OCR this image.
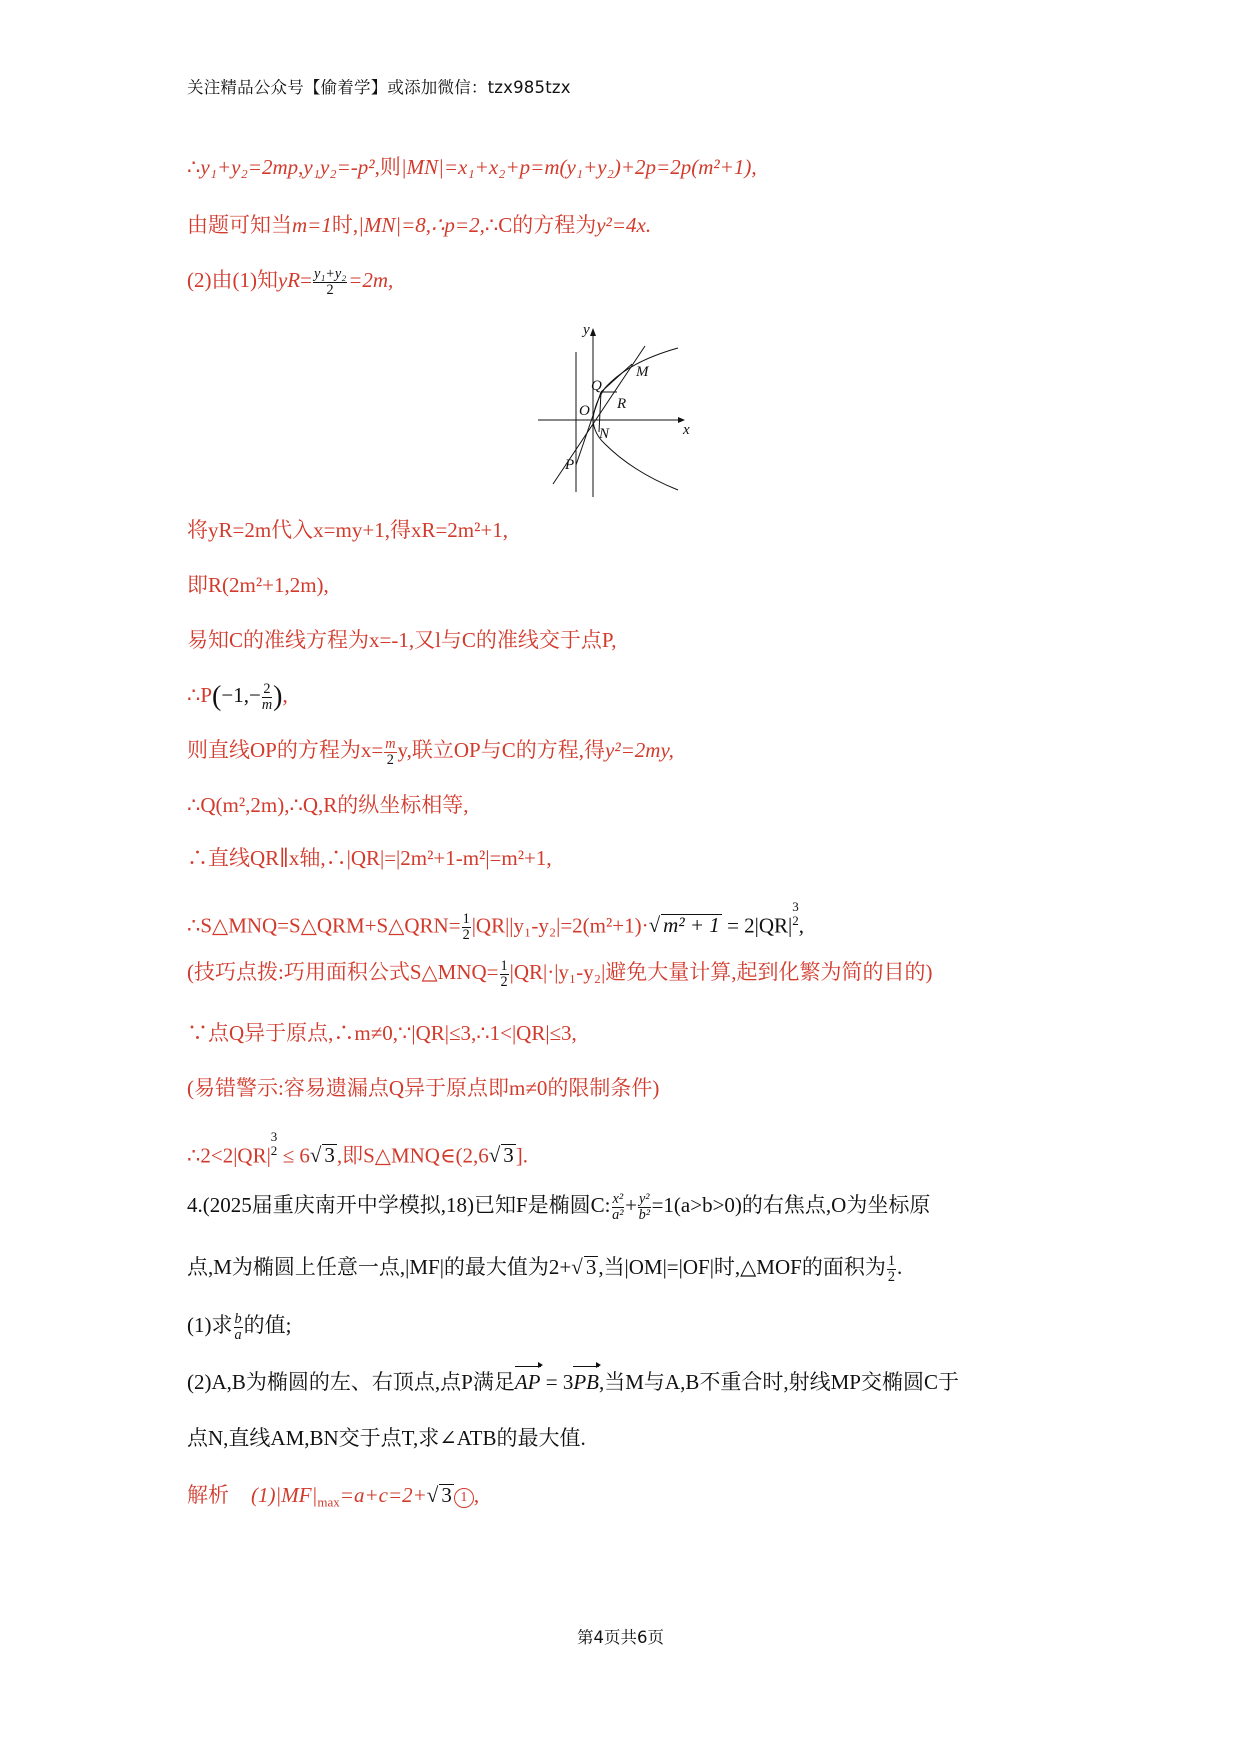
关注精品公众号【偷着学】或添加微信：tzx985tzx
∴y₁+y₂=2mp,y₁y₂=-p²,则|MN|=x₁+x₂+p=m(y₁+y₂)+2p=2p(m²+1),
由题可知当m=1时,|MN|=8,∴p=2,∴C的方程为y²=4x.
(2)由(1)知$yR= \frac{\text{y₁+y₂}}{2} =2m$,
y
x
M
Q
R
O
N
P
将yR=2m代入x=my+1,得xR=2m²+1,
即R(2m²+1,2m),
易知C的准线方程为x=-1,又l与C的准线交于点P,
∴P(−1,− $\frac{2}{m}$ ),
则直线OP的方程为$x= \frac{m}{2} y$,联立OP与C的方程,得y²=2my,
∴Q(m²,2m),∴Q,R的纵坐标相等,
∴直线QR∥x轴,∴|QR|=|2m²+1-m²|=m²+1,
∴S△MNQ=S△QRM+S△QRN= $\frac{1}{2} |QR||y_1-y_2|=2(m^2+1)\cdot√$ m² + 1 = 2|QR|
3
2 ,
(技巧点拨:巧用面积公式S△MNQ= $\frac{1}{2} |QR|\cdot|y_1-y_2|$避免大量计算,起到化繁为简的目的)
∵点Q异于原点,∴m≠0,∵|QR|≤3,∴1<|QR|≤3,
(易错警示:容易遗漏点Q异于原点即m≠0的限制条件)
∴2<2|QR|
3
2 ≤ 6√ 3,即S△MNQ∈(2,6√ 3].
4.(2025届重庆南开中学模拟,18)已知F是椭圆C: $\frac{\text{x²}}{\text{a²}} + \frac{\text{y²}}{\text{b²}} =1(a>b>0)$的右焦点,O为坐标原
点,M为椭圆上任意一点,|MF|的最大值为2+√ 3,当|OM|=|OF|时,△MOF的面积为 $\frac{1}{2}$ .
(1)求 $\frac{b}{a}$ 的值;
(2)A,B为椭圆的左、右顶点,点P满足AP = 3PB,当M与A,B不重合时,射线MP交椭圆C于
点N,直线AM,BN交于点T,求∠ATB的最大值.
解析 $(1)|MF|_{max}=a+c=2+√$ 3 1 ,
第4页共6页
